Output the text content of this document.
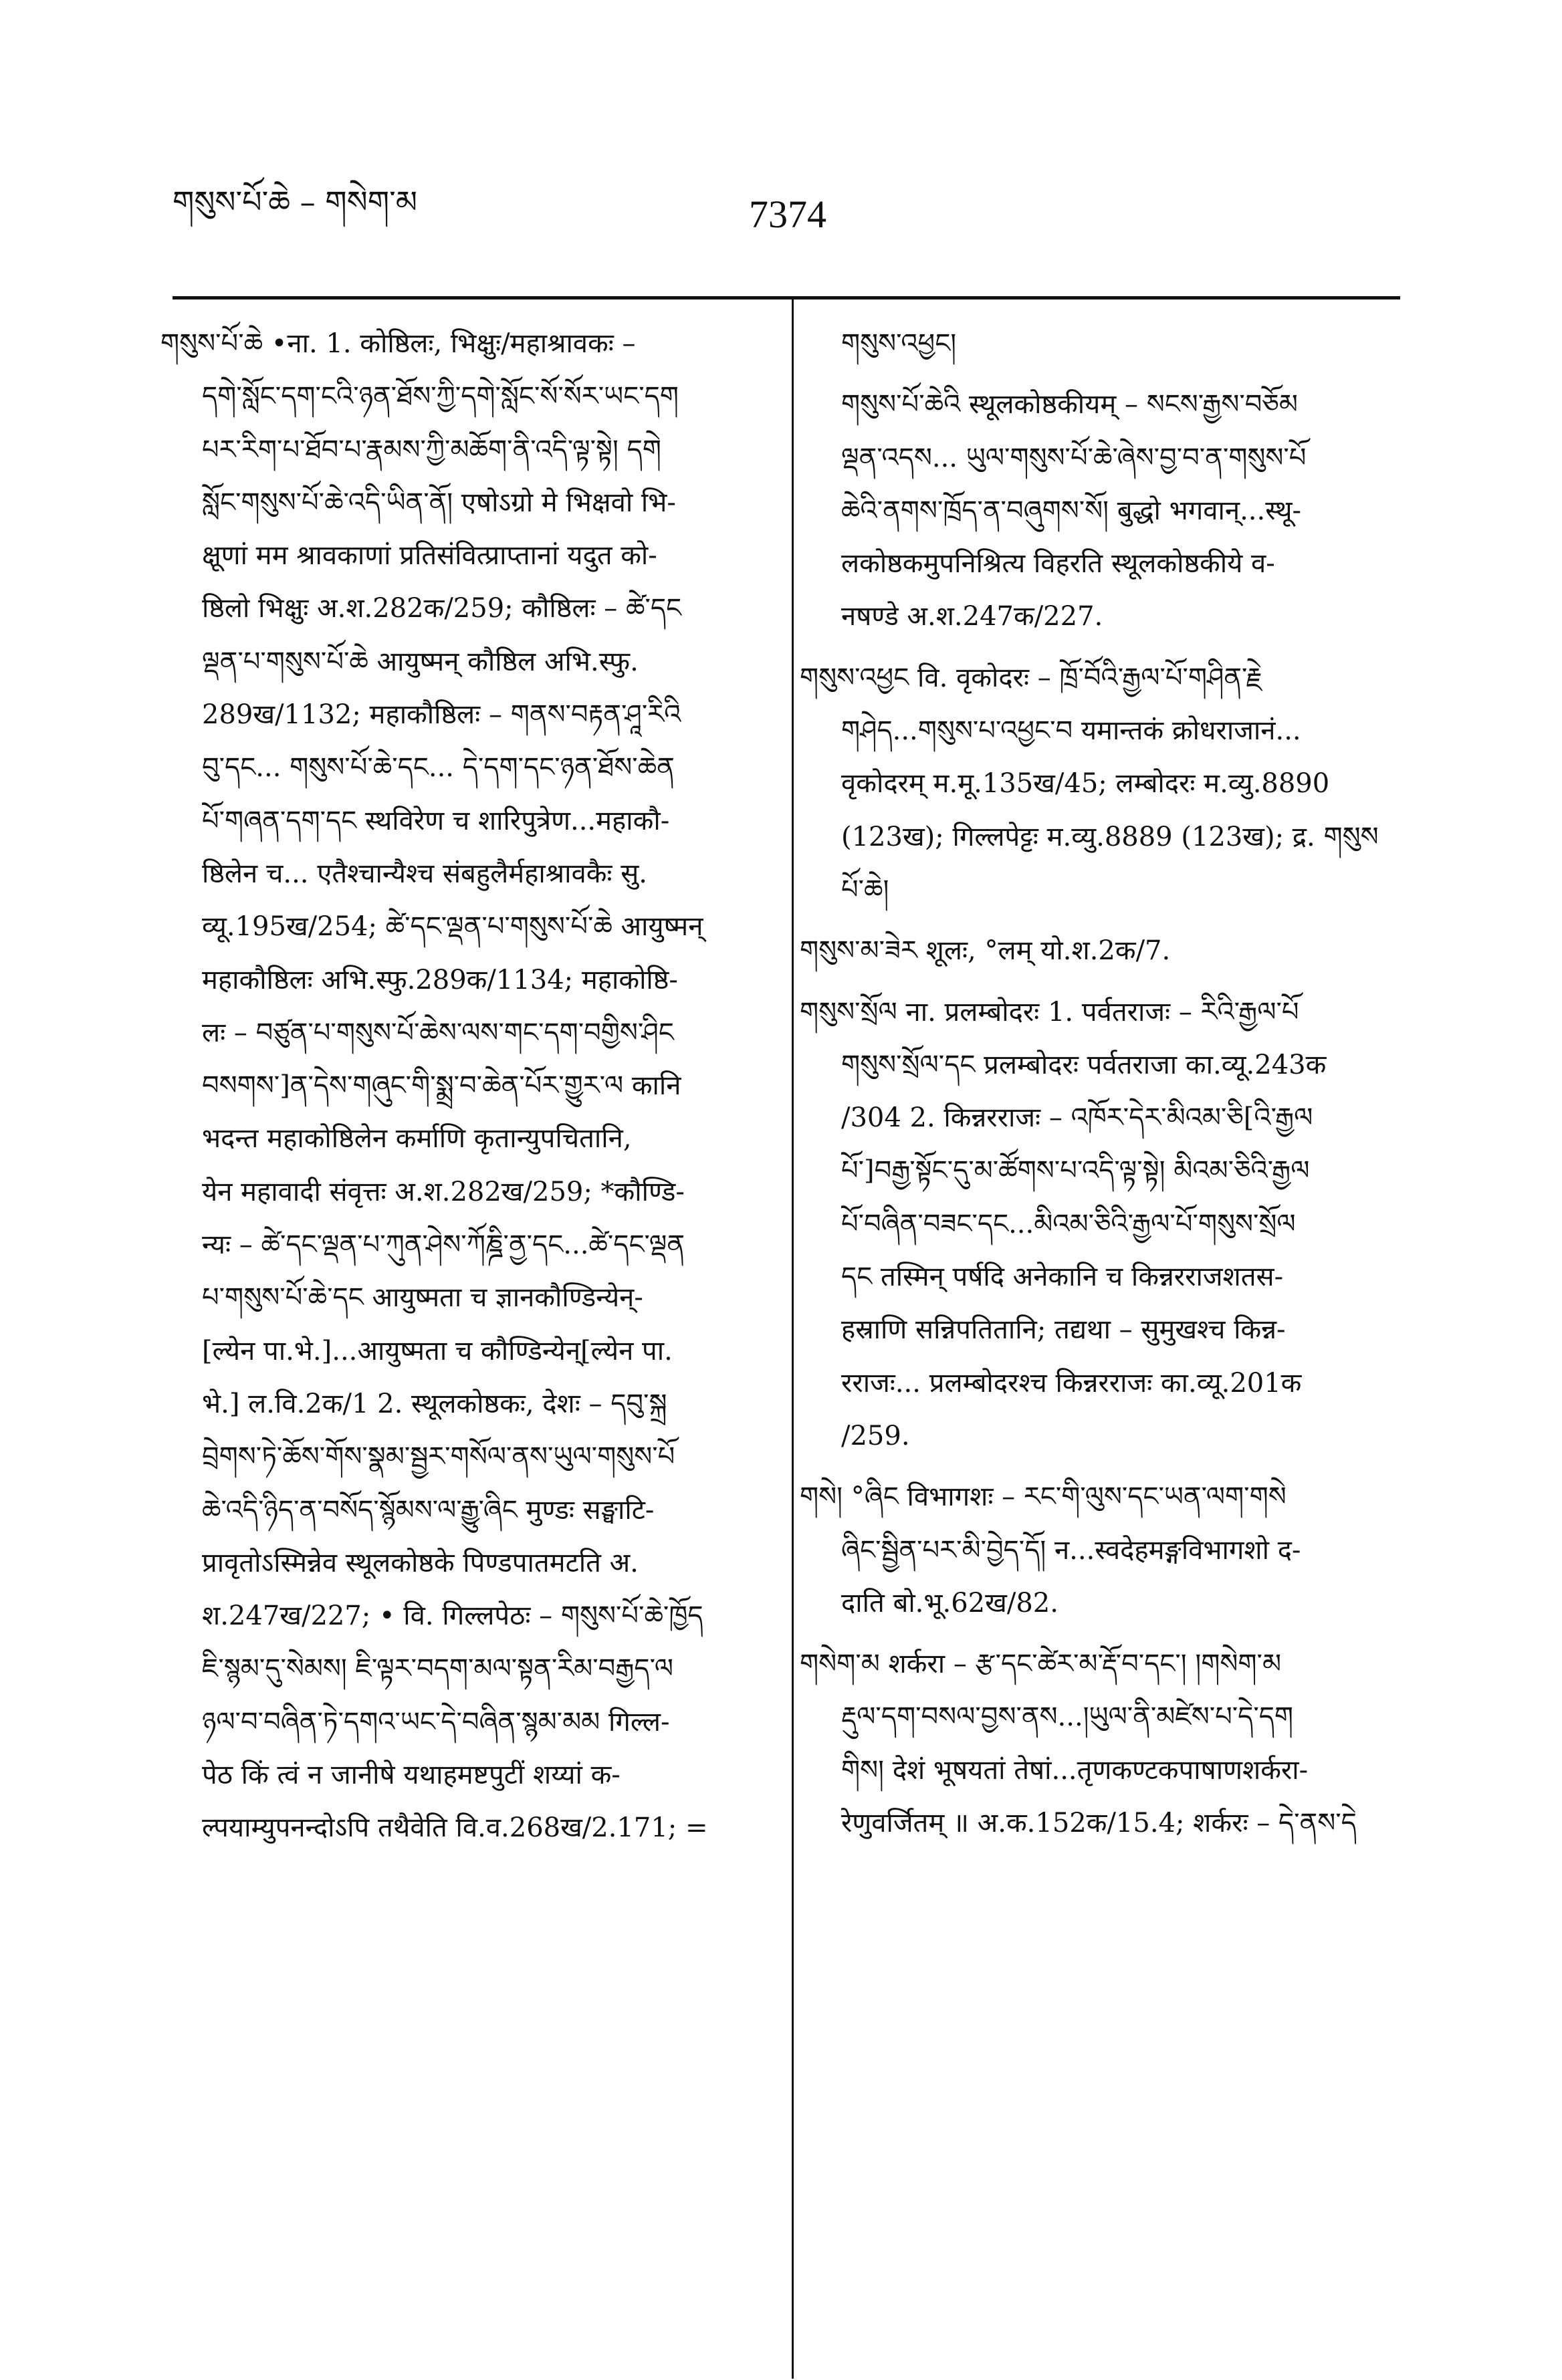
གསུས་པོ་ཆེ – གསེག་མ	7374
གསུས་པོ་ཆེ •ना. 1. कोष्ठिलः, भिक्षुः/महाश्रावकः –
དགེ་སློང་དག་ངའི་ཉན་ཐོས་ཀྱི་དགེ་སློང་སོ་སོར་ཡང་དག
པར་རིག་པ་ཐོབ་པ་རྣམས་ཀྱི་མཆོག་ནི་འདི་ལྟ་སྟེ། དགེ
སློང་གསུས་པོ་ཆེ་འདི་ཡིན་ནོ། एषोऽग्रो मे भिक्षवो भि-
क्षूणां मम श्रावकाणां प्रतिसंवित्प्राप्तानां यदुत को-
ष्ठिलो भिक्षुः अ.श.282क/259; कौष्ठिलः – ཚེ་དང
ལྡན་པ་གསུས་པོ་ཆེ आयुष्मन् कौष्ठिल अभि.स्फु.
289ख/1132; महाकौष्ठिलः – གནས་བརྟན་ཤཱ་རིའི
བུ་དང... གསུས་པོ་ཆེ་དང... དེ་དག་དང་ཉན་ཐོས་ཆེན
པོ་གཞན་དག་དང स्थविरेण च शारिपुत्रेण...महाकौ-
ष्ठिलेन च... एतैश्चान्यैश्च संबहुलैर्महाश्रावकैः सु.
व्यू.195ख/254; ཚེ་དང་ལྡན་པ་གསུས་པོ་ཆེ आयुष्मन्
महाकौष्ठिलः अभि.स्फु.289क/1134; महाकोष्ठि-
लः – བཙུན་པ་གསུས་པོ་ཆེས་ལས་གང་དག་བགྱིས་ཤིང
བསགས་]ན་དེས་གཞུང་གི་སྨྲ་བ་ཆེན་པོར་གྱུར་ལ कानि
भदन्त महाकोष्ठिलेन कर्माणि कृतान्युपचितानि,
येन महावादी संवृत्तः अ.श.282ख/259; *कौण्डि-
न्यः – ཚེ་དང་ལྡན་པ་ཀུན་ཤེས་ཀོཎྜི་ནྱ་དང...ཚེ་དང་ལྡན
པ་གསུས་པོ་ཆེ་དང आयुष्मता च ज्ञानकौण्डिन्येन्-
[ल्येन पा.भे.]...आयुष्मता च कौण्डिन्येन्[ल्येन पा.
भे.] ल.वि.2क/1 2. स्थूलकोष्ठकः, देशः – དབུ་སྐྲ
བྲེགས་ཏེ་ཆོས་གོས་སྣམ་སྦྱར་གསོལ་ནས་ཡུལ་གསུས་པོ
ཆེ་འདི་ཉིད་ན་བསོད་སྙོམས་ལ་རྒྱུ་ཞིང मुण्डः सङ्घाटि-
प्रावृतोऽस्मिन्नेव स्थूलकोष्ठके पिण्डपातमटति अ.
श.247ख/227; • वि. गिल्लपेठः – གསུས་པོ་ཆེ་ཁྱོད
ཇི་སྙམ་དུ་སེམས། ཇི་ལྟར་བདག་མལ་སྟན་རིམ་བརྒྱད་ལ
ཉལ་བ་བཞིན་ཏེ་དགའ་ཡང་དེ་བཞིན་སྙམ་མམ गिल्ल-
पेठ किं त्वं न जानीषे यथाहमष्टपुटीं शय्यां क-
ल्पयाम्युपनन्दोऽपि तथैवेति वि.व.268ख/2.171; =
གསུས་འཕྱང།
གསུས་པོ་ཆེའི स्थूलकोष्ठकीयम् – སངས་རྒྱས་བཅོམ
ལྡན་འདས... ཡུལ་གསུས་པོ་ཆེ་ཞེས་བྱ་བ་ན་གསུས་པོ
ཆེའི་ནགས་ཁྲོད་ན་བཞུགས་སོ། बुद्धो भगवान्...स्थू-
लकोष्ठकमुपनिश्रित्य विहरति स्थूलकोष्ठकीये व-
नषण्डे अ.श.247क/227.
གསུས་འཕྱང वि. वृकोदरः – ཁྲོ་བོའི་རྒྱལ་པོ་གཤིན་རྗེ
གཤེད...གསུས་པ་འཕྱང་བ यमान्तकं क्रोधराजानं...
वृकोदरम् म.मू.135ख/45; लम्बोदरः म.व्यु.8890
(123ख); गिल्लपेट्टः म.व्यु.8889 (123ख); द्र. གསུས
པོ་ཆེ།
གསུས་མ་ཟེར शूलः, °लम् यो.श.2क/7.
གསུས་སྲོལ ना. प्रलम्बोदरः 1. पर्वतराजः – རིའི་རྒྱལ་པོ
གསུས་སྲོལ་དང प्रलम्बोदरः पर्वतराजा का.व्यू.243क
/304 2. किन्नरराजः – འཁོར་དེར་མིའམ་ཅི[འི་རྒྱལ
པོ་]བརྒྱ་སྟོང་དུ་མ་ཚོགས་པ་འདི་ལྟ་སྟེ། མིའམ་ཅིའི་རྒྱལ
པོ་བཞིན་བཟང་དང...མིའམ་ཅིའི་རྒྱལ་པོ་གསུས་སྲོལ
དང तस्मिन् पर्षदि अनेकानि च किन्नरराजशतस-
हस्राणि सन्निपतितानि; तद्यथा – सुमुखश्च किन्न-
रराजः... प्रलम्बोदरश्च किन्नरराजः का.व्यू.201क
/259.
གསེ། °ཞིང विभागशः – རང་གི་ལུས་དང་ཡན་ལག་གསེ
ཞིང་སྦྱིན་པར་མི་བྱེད་དོ། न...स्वदेहमङ्गविभागशो द-
दाति बो.भू.62ख/82.
གསེག་མ शर्करा – རྩ་དང་ཚེར་མ་རྡོ་བ་དང་། །གསེག་མ
རྡུལ་དག་བསལ་བྱས་ནས...།ཡུལ་ནི་མཛེས་པ་དེ་དག
གིས། देशं भूषयतां तेषां...तृणकण्टकपाषाणशर्करा-
रेणुवर्जितम् ॥ अ.क.152क/15.4; शर्करः – དེ་ནས་དེ
